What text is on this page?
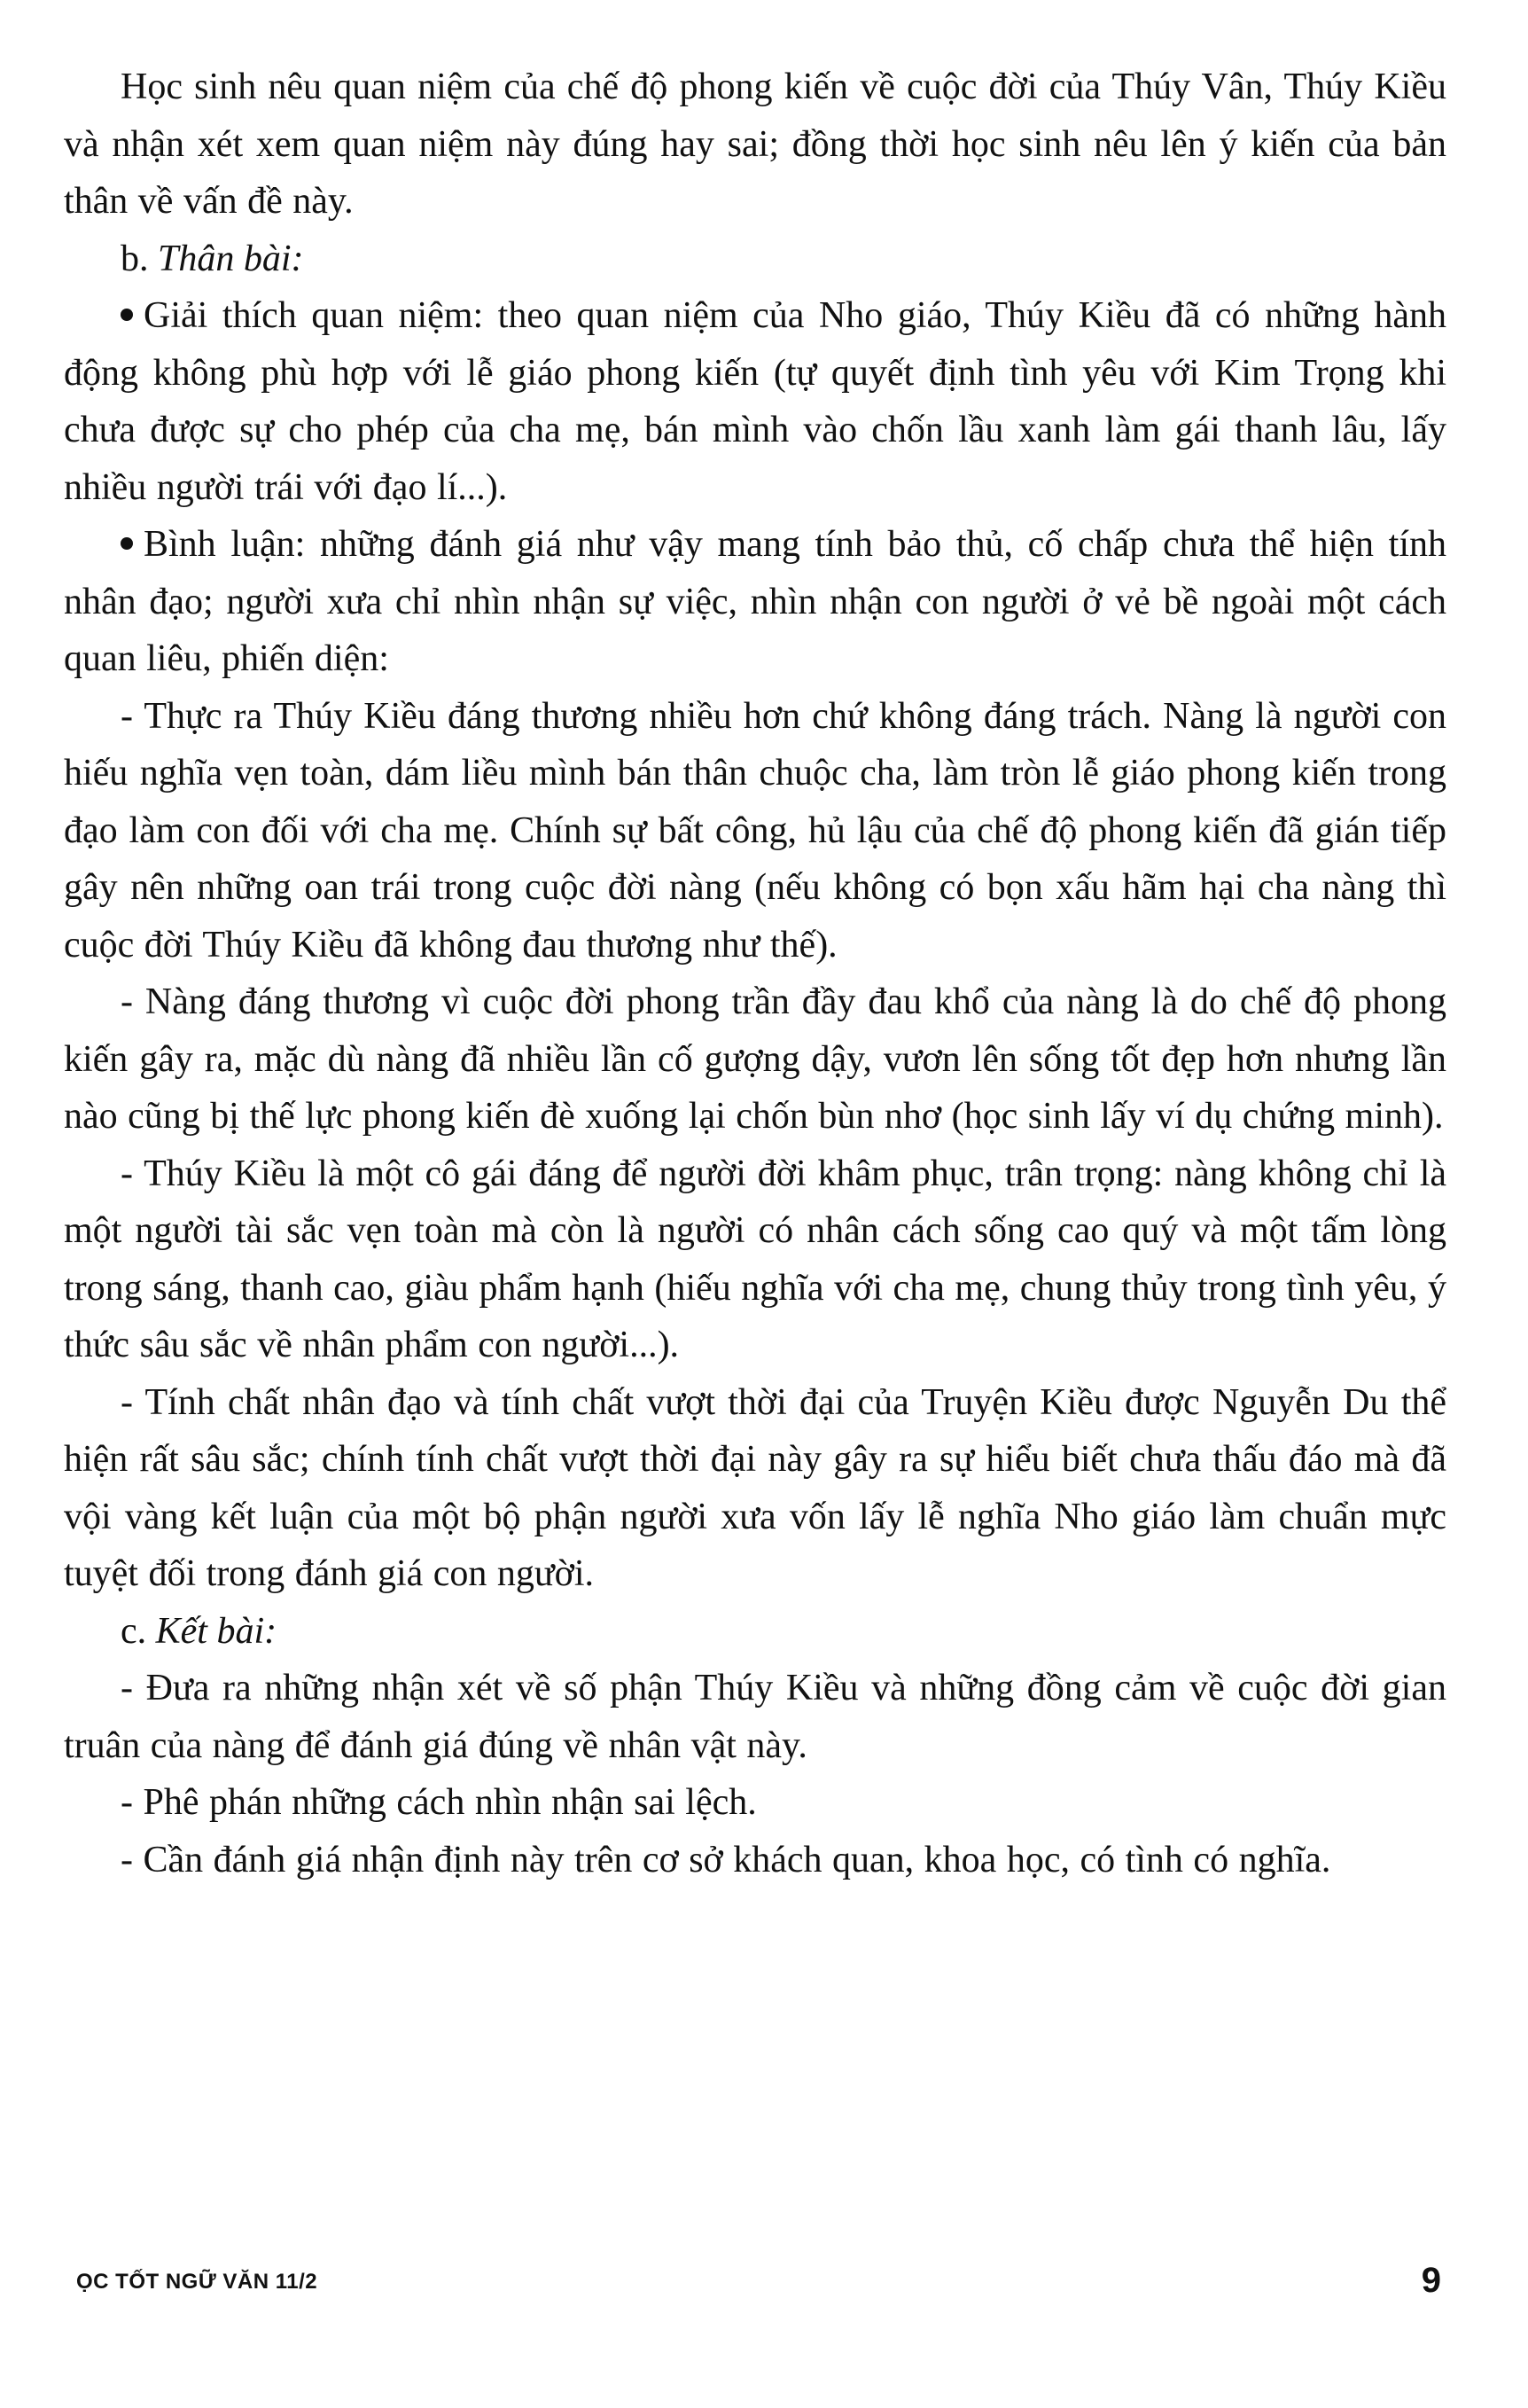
Học sinh nêu quan niệm của chế độ phong kiến về cuộc đời của Thúy Vân, Thúy Kiều và nhận xét xem quan niệm này đúng hay sai; đồng thời học sinh nêu lên ý kiến của bản thân về vấn đề này.

b. Thân bài:

Giải thích quan niệm: theo quan niệm của Nho giáo, Thúy Kiều đã có những hành động không phù hợp với lễ giáo phong kiến (tự quyết định tình yêu với Kim Trọng khi chưa được sự cho phép của cha mẹ, bán mình vào chốn lầu xanh làm gái thanh lâu, lấy nhiều người trái với đạo lí...).

Bình luận: những đánh giá như vậy mang tính bảo thủ, cố chấp chưa thể hiện tính nhân đạo; người xưa chỉ nhìn nhận sự việc, nhìn nhận con người ở vẻ bề ngoài một cách quan liêu, phiến diện:

- Thực ra Thúy Kiều đáng thương nhiều hơn chứ không đáng trách. Nàng là người con hiếu nghĩa vẹn toàn, dám liều mình bán thân chuộc cha, làm tròn lễ giáo phong kiến trong đạo làm con đối với cha mẹ. Chính sự bất công, hủ lậu của chế độ phong kiến đã gián tiếp gây nên những oan trái trong cuộc đời nàng (nếu không có bọn xấu hãm hại cha nàng thì cuộc đời Thúy Kiều đã không đau thương như thế).

- Nàng đáng thương vì cuộc đời phong trần đầy đau khổ của nàng là do chế độ phong kiến gây ra, mặc dù nàng đã nhiều lần cố gượng dậy, vươn lên sống tốt đẹp hơn nhưng lần nào cũng bị thế lực phong kiến đè xuống lại chốn bùn nhơ (học sinh lấy ví dụ chứng minh).

- Thúy Kiều là một cô gái đáng để người đời khâm phục, trân trọng: nàng không chỉ là một người tài sắc vẹn toàn mà còn là người có nhân cách sống cao quý và một tấm lòng trong sáng, thanh cao, giàu phẩm hạnh (hiếu nghĩa với cha mẹ, chung thủy trong tình yêu, ý thức sâu sắc về nhân phẩm con người...).

- Tính chất nhân đạo và tính chất vượt thời đại của Truyện Kiều được Nguyễn Du thể hiện rất sâu sắc; chính tính chất vượt thời đại này gây ra sự hiểu biết chưa thấu đáo mà đã vội vàng kết luận của một bộ phận người xưa vốn lấy lễ nghĩa Nho giáo làm chuẩn mực tuyệt đối trong đánh giá con người.

c. Kết bài:

- Đưa ra những nhận xét về số phận Thúy Kiều và những đồng cảm về cuộc đời gian truân của nàng để đánh giá đúng về nhân vật này.

- Phê phán những cách nhìn nhận sai lệch.

- Cần đánh giá nhận định này trên cơ sở khách quan, khoa học, có tình có nghĩa.

ỌC TỐT NGỮ VĂN 11/2	9
